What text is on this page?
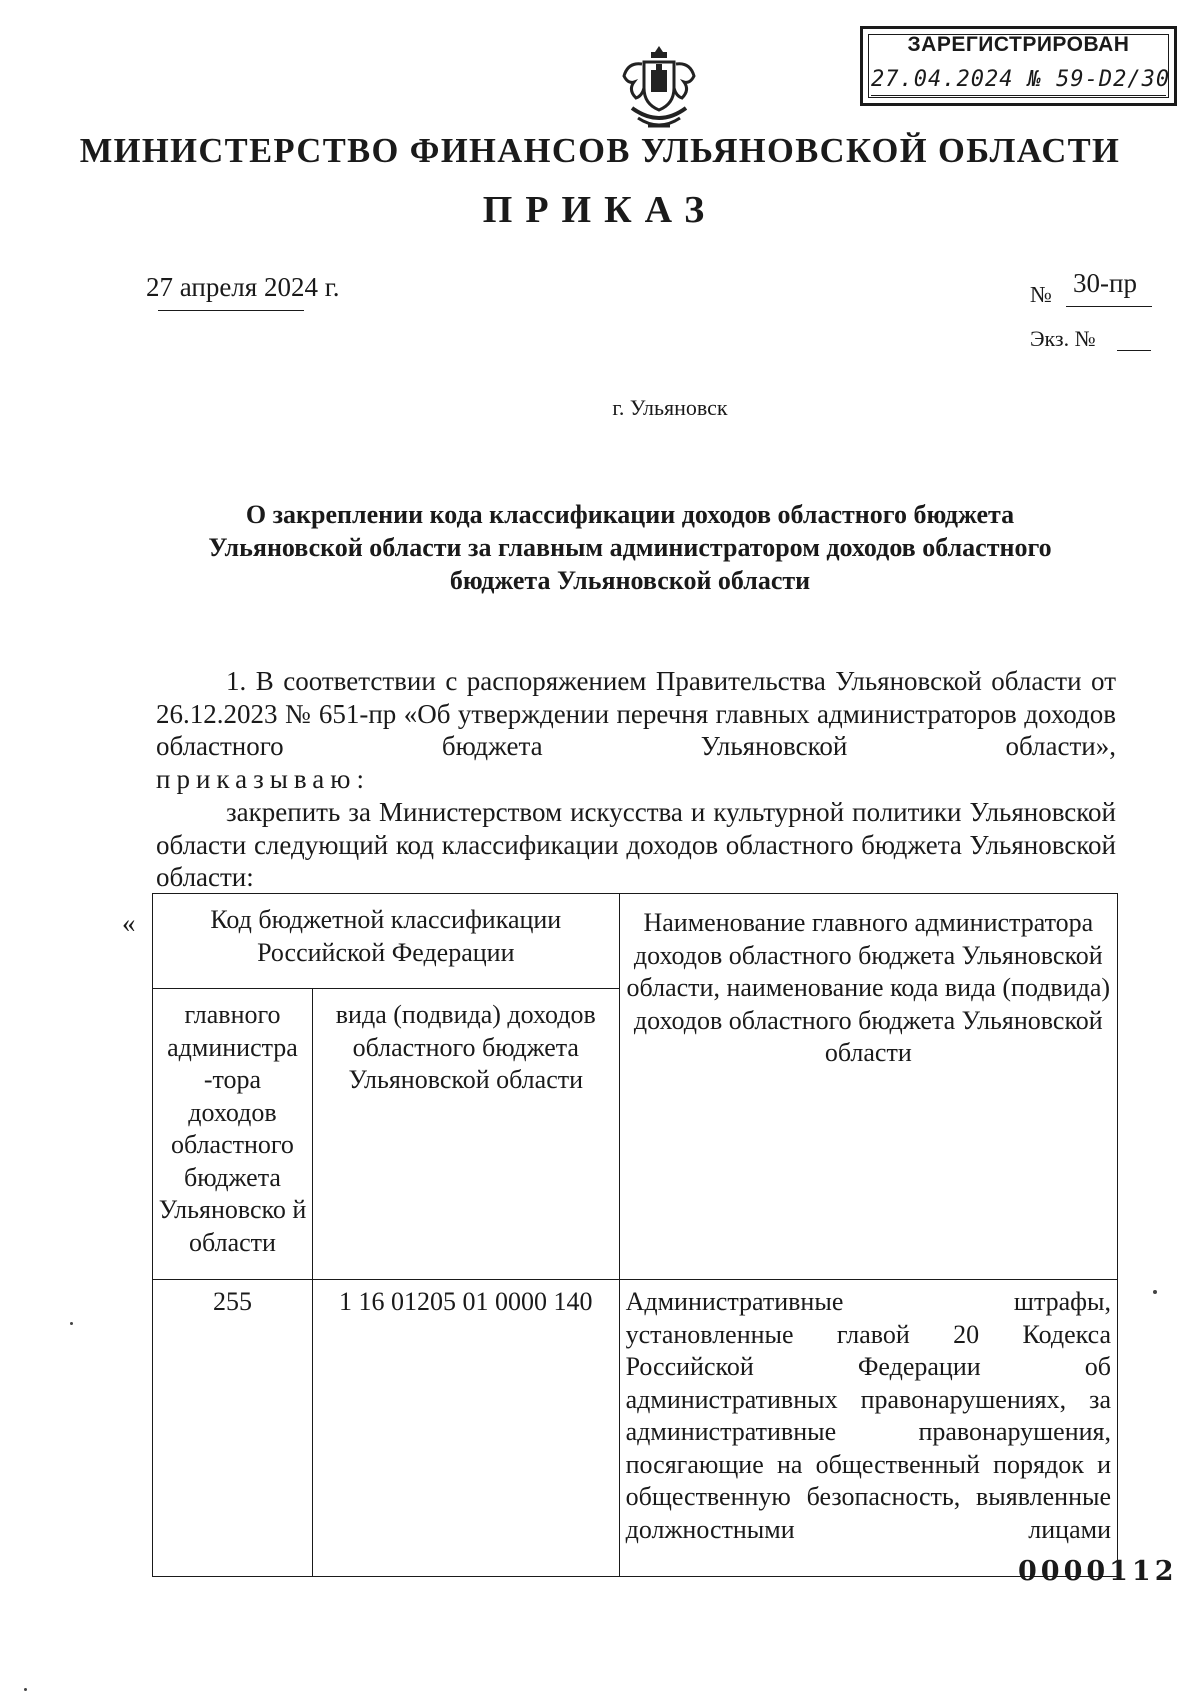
ЗАРЕГИСТРИРОВАН
27.04.2024 № 59-D2/30
МИНИСТЕРСТВО ФИНАНСОВ УЛЬЯНОВСКОЙ ОБЛАСТИ
ПРИКАЗ
27 апреля 2024 г.	№ 30-пр
Экз. №
г. Ульяновск
О закреплении кода классификации доходов областного бюджета Ульяновской области за главным администратором доходов областного бюджета Ульяновской области
1. В соответствии с распоряжением Правительства Ульяновской области от 26.12.2023 № 651-пр «Об утверждении перечня главных администраторов доходов областного бюджета Ульяновской области»,
приказываю:
закрепить за Министерством искусства и культурной политики Ульяновской области следующий код классификации доходов областного бюджета Ульяновской области:
«	Код бюджетной классификации Российской Федерации		Наименование главного администратора доходов областного бюджета Ульяновской области, наименование кода вида (подвида) доходов областного бюджета Ульяновской области
главного администра -тора доходов областного бюджета Ульяновско й области	вида (подвида) доходов областного бюджета Ульяновской области	
255	1 16 01205 01 0000 140	Административные штрафы, установленные главой 20 Кодекса Российской Федерации об административных правонарушениях, за административные правонарушения, посягающие на общественный порядок и общественную безопасность, выявленные должностными лицами
0000112
